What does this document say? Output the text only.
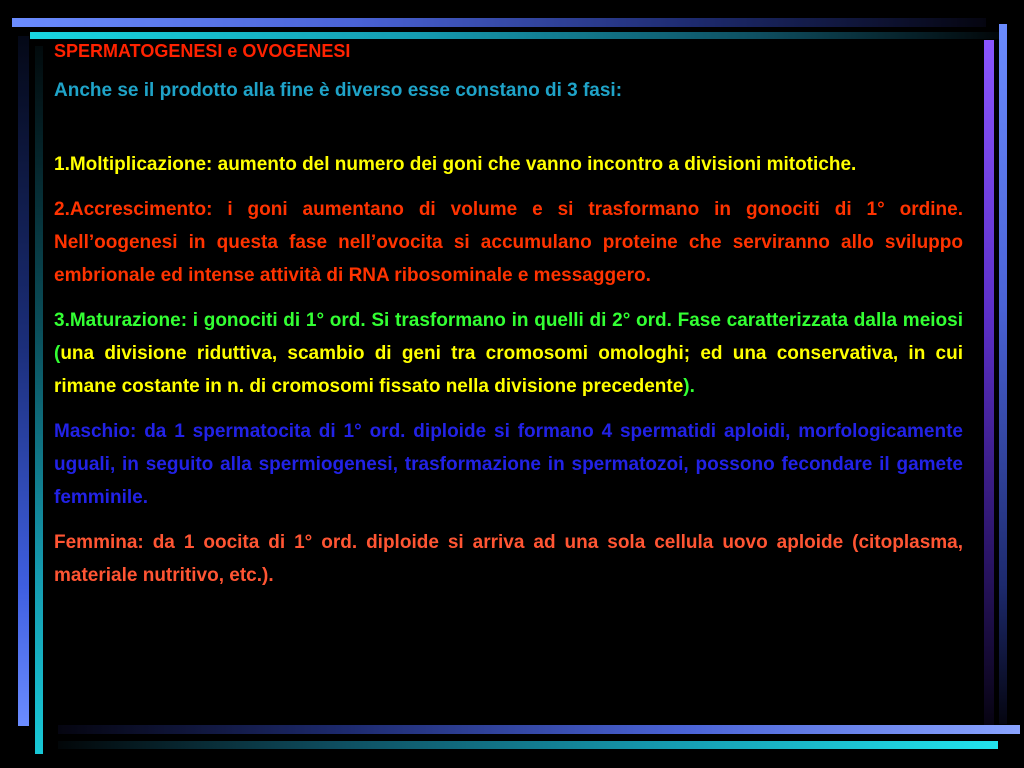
SPERMATOGENESI e OVOGENESI

Anche se il prodotto alla fine è diverso esse constano di 3 fasi:

1.Moltiplicazione: aumento del numero dei goni che vanno incontro a divisioni mitotiche.

2.Accrescimento: i goni aumentano di volume e si trasformano in gonociti di 1° ordine. Nell’oogenesi in questa fase nell’ovocita si accumulano proteine che serviranno allo sviluppo embrionale ed intense attività di RNA ribosominale e messaggero.

3.Maturazione: i gonociti di 1° ord. Si trasformano in quelli di 2° ord. Fase caratterizzata dalla meiosi (una divisione riduttiva, scambio di geni tra cromosomi omologhi; ed una conservativa, in cui rimane costante in n. di cromosomi fissato nella divisione precedente).

Maschio: da 1 spermatocita di 1° ord. diploide si formano 4 spermatidi aploidi, morfologicamente uguali, in seguito alla spermiogenesi, trasformazione in spermatozoi, possono fecondare il gamete femminile.

Femmina: da 1 oocita di 1° ord. diploide si arriva ad una sola cellula uovo aploide (citoplasma, materiale nutritivo, etc.).
